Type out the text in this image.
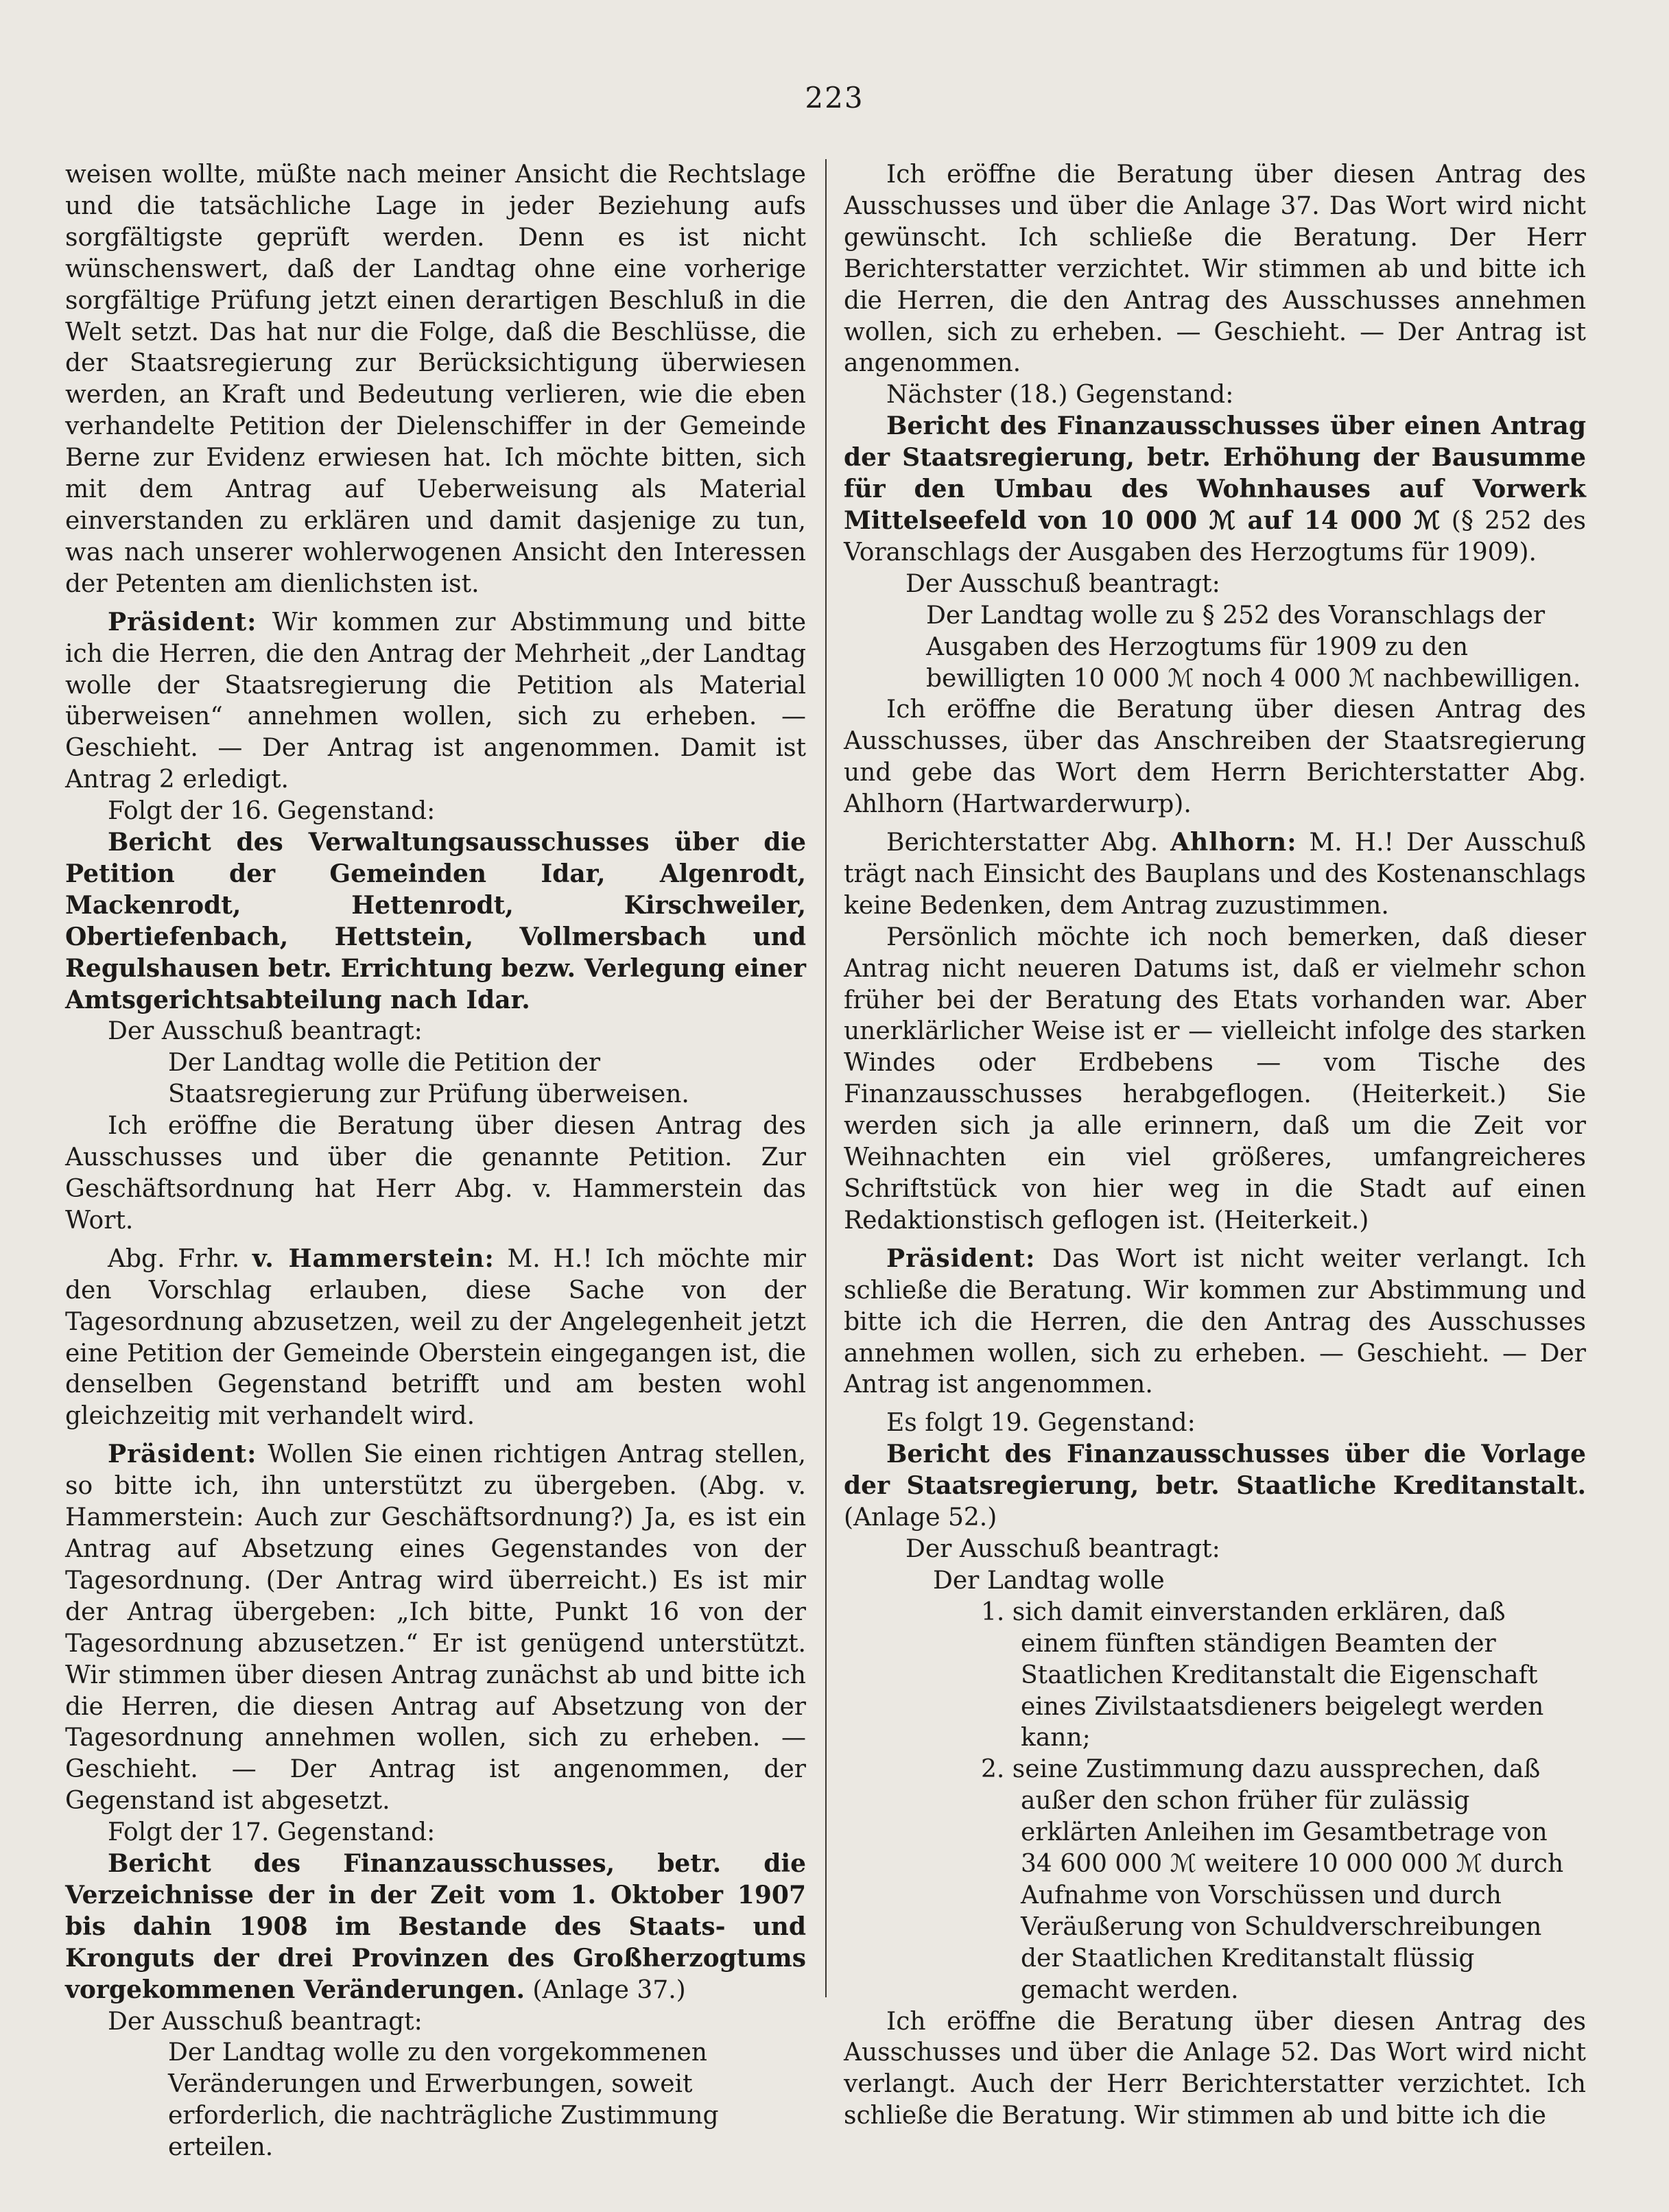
223

weisen wollte, müßte nach meiner Ansicht die Rechtslage und die tatsächliche Lage in jeder Beziehung aufs sorgfältigste geprüft werden. Denn es ist nicht wünschenswert, daß der Landtag ohne eine vorherige sorgfältige Prüfung jetzt einen derartigen Beschluß in die Welt setzt. Das hat nur die Folge, daß die Beschlüsse, die der Staatsregierung zur Berücksichtigung überwiesen werden, an Kraft und Bedeutung verlieren, wie die eben verhandelte Petition der Dielenschiffer in der Gemeinde Berne zur Evidenz erwiesen hat. Ich möchte bitten, sich mit dem Antrag auf Ueberweisung als Material einverstanden zu erklären und damit dasjenige zu tun, was nach unserer wohlerwogenen Ansicht den Interessen der Petenten am dienlichsten ist.

Präsident: Wir kommen zur Abstimmung und bitte ich die Herren, die den Antrag der Mehrheit „der Landtag wolle der Staatsregierung die Petition als Material überweisen“ annehmen wollen, sich zu erheben. — Geschieht. — Der Antrag ist angenommen. Damit ist Antrag 2 erledigt.

Folgt der 16. Gegenstand:

Bericht des Verwaltungsausschusses über die Petition der Gemeinden Idar, Algenrodt, Mackenrodt, Hettenrodt, Kirschweiler, Obertiefenbach, Hettstein, Vollmersbach und Regulshausen betr. Errichtung bezw. Verlegung einer Amtsgerichtsabteilung nach Idar.

Der Ausschuß beantragt:

Der Landtag wolle die Petition der Staatsregierung zur Prüfung überweisen.

Ich eröffne die Beratung über diesen Antrag des Ausschusses und über die genannte Petition. Zur Geschäftsordnung hat Herr Abg. v. Hammerstein das Wort.

Abg. Frhr. v. Hammerstein: M. H.! Ich möchte mir den Vorschlag erlauben, diese Sache von der Tagesordnung abzusetzen, weil zu der Angelegenheit jetzt eine Petition der Gemeinde Oberstein eingegangen ist, die denselben Gegenstand betrifft und am besten wohl gleichzeitig mit verhandelt wird.

Präsident: Wollen Sie einen richtigen Antrag stellen, so bitte ich, ihn unterstützt zu übergeben. (Abg. v. Hammerstein: Auch zur Geschäftsordnung?) Ja, es ist ein Antrag auf Absetzung eines Gegenstandes von der Tagesordnung. (Der Antrag wird überreicht.) Es ist mir der Antrag übergeben: „Ich bitte, Punkt 16 von der Tagesordnung abzusetzen.“ Er ist genügend unterstützt. Wir stimmen über diesen Antrag zunächst ab und bitte ich die Herren, die diesen Antrag auf Absetzung von der Tagesordnung annehmen wollen, sich zu erheben. — Geschieht. — Der Antrag ist angenommen, der Gegenstand ist abgesetzt.

Folgt der 17. Gegenstand:

Bericht des Finanzausschusses, betr. die Verzeichnisse der in der Zeit vom 1. Oktober 1907 bis dahin 1908 im Bestande des Staats- und Kronguts der drei Provinzen des Großherzogtums vorgekommenen Veränderungen. (Anlage 37.)

Der Ausschuß beantragt:

Der Landtag wolle zu den vorgekommenen Veränderungen und Erwerbungen, soweit erforderlich, die nachträgliche Zustimmung erteilen.

Ich eröffne die Beratung über diesen Antrag des Ausschusses und über die Anlage 37. Das Wort wird nicht gewünscht. Ich schließe die Beratung. Der Herr Berichterstatter verzichtet. Wir stimmen ab und bitte ich die Herren, die den Antrag des Ausschusses annehmen wollen, sich zu erheben. — Geschieht. — Der Antrag ist angenommen.

Nächster (18.) Gegenstand:

Bericht des Finanzausschusses über einen Antrag der Staatsregierung, betr. Erhöhung der Bausumme für den Umbau des Wohnhauses auf Vorwerk Mittelseefeld von 10 000 ℳ auf 14 000 ℳ (§ 252 des Voranschlags der Ausgaben des Herzogtums für 1909).

Der Ausschuß beantragt:

Der Landtag wolle zu § 252 des Voranschlags der Ausgaben des Herzogtums für 1909 zu den bewilligten 10 000 ℳ noch 4 000 ℳ nachbewilligen.

Ich eröffne die Beratung über diesen Antrag des Ausschusses, über das Anschreiben der Staatsregierung und gebe das Wort dem Herrn Berichterstatter Abg. Ahlhorn (Hartwarderwurp).

Berichterstatter Abg. Ahlhorn: M. H.! Der Ausschuß trägt nach Einsicht des Bauplans und des Kostenanschlags keine Bedenken, dem Antrag zuzustimmen.

Persönlich möchte ich noch bemerken, daß dieser Antrag nicht neueren Datums ist, daß er vielmehr schon früher bei der Beratung des Etats vorhanden war. Aber unerklärlicher Weise ist er — vielleicht infolge des starken Windes oder Erdbebens — vom Tische des Finanzausschusses herabgeflogen. (Heiterkeit.) Sie werden sich ja alle erinnern, daß um die Zeit vor Weihnachten ein viel größeres, umfangreicheres Schriftstück von hier weg in die Stadt auf einen Redaktionstisch geflogen ist. (Heiterkeit.)

Präsident: Das Wort ist nicht weiter verlangt. Ich schließe die Beratung. Wir kommen zur Abstimmung und bitte ich die Herren, die den Antrag des Ausschusses annehmen wollen, sich zu erheben. — Geschieht. — Der Antrag ist angenommen.

Es folgt 19. Gegenstand:

Bericht des Finanzausschusses über die Vorlage der Staatsregierung, betr. Staatliche Kreditanstalt. (Anlage 52.)

Der Ausschuß beantragt:

Der Landtag wolle

1. sich damit einverstanden erklären, daß einem fünften ständigen Beamten der Staatlichen Kreditanstalt die Eigenschaft eines Zivilstaatsdieners beigelegt werden kann;

2. seine Zustimmung dazu aussprechen, daß außer den schon früher für zulässig erklärten Anleihen im Gesamtbetrage von 34 600 000 ℳ weitere 10 000 000 ℳ durch Aufnahme von Vorschüssen und durch Veräußerung von Schuldverschreibungen der Staatlichen Kreditanstalt flüssig gemacht werden.

Ich eröffne die Beratung über diesen Antrag des Ausschusses und über die Anlage 52. Das Wort wird nicht verlangt. Auch der Herr Berichterstatter verzichtet. Ich schließe die Beratung. Wir stimmen ab und bitte ich die
